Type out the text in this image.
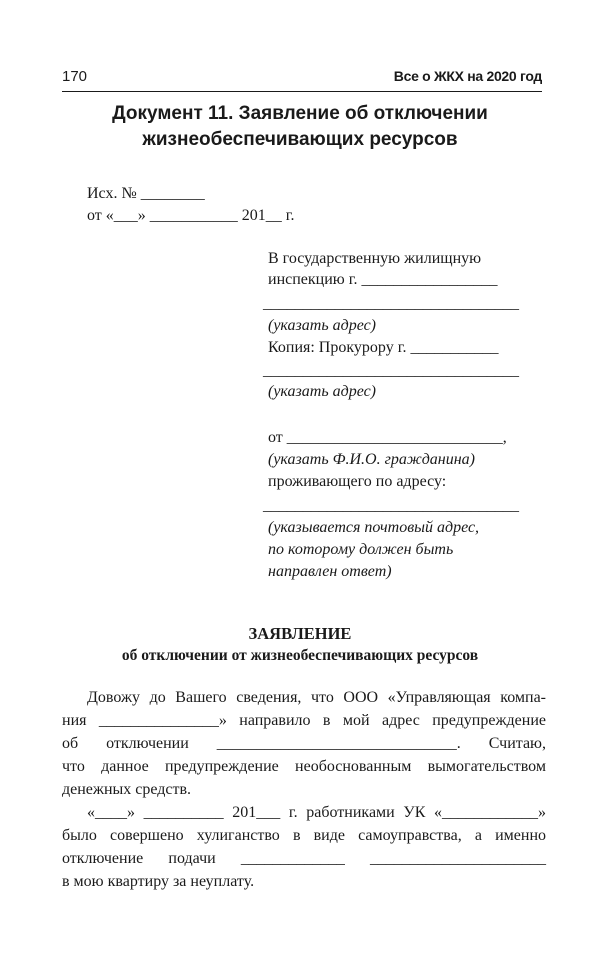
170	Все о ЖКХ на 2020 год
Документ 11. Заявление об отключении
жизнеобеспечивающих ресурсов
Исх. № ________
от «___» ___________ 201__ г.
В государственную жилищную
инспекцию г. _________________
________________________________
(указать адрес)
Копия: Прокурору г. ___________
________________________________
(указать адрес)
от ___________________________,
(указать Ф.И.О. гражданина)
проживающего по адресу:
________________________________
(указывается почтовый адрес,
по которому должен быть
направлен ответ)
ЗАЯВЛЕНИЕ
об отключении от жизнеобеспечивающих ресурсов
Довожу до Вашего сведения, что ООО «Управляющая компа-
ния _______________» направило в мой адрес предупреждение
об отключении ______________________________. Считаю,
что данное предупреждение необоснованным вымогательством
денежных средств.
«____» __________ 201___ г. работниками УК «____________»
было совершено хулиганство в виде самоуправства, а именно
отключение подачи _____________ ______________________
в мою квартиру за неуплату.
